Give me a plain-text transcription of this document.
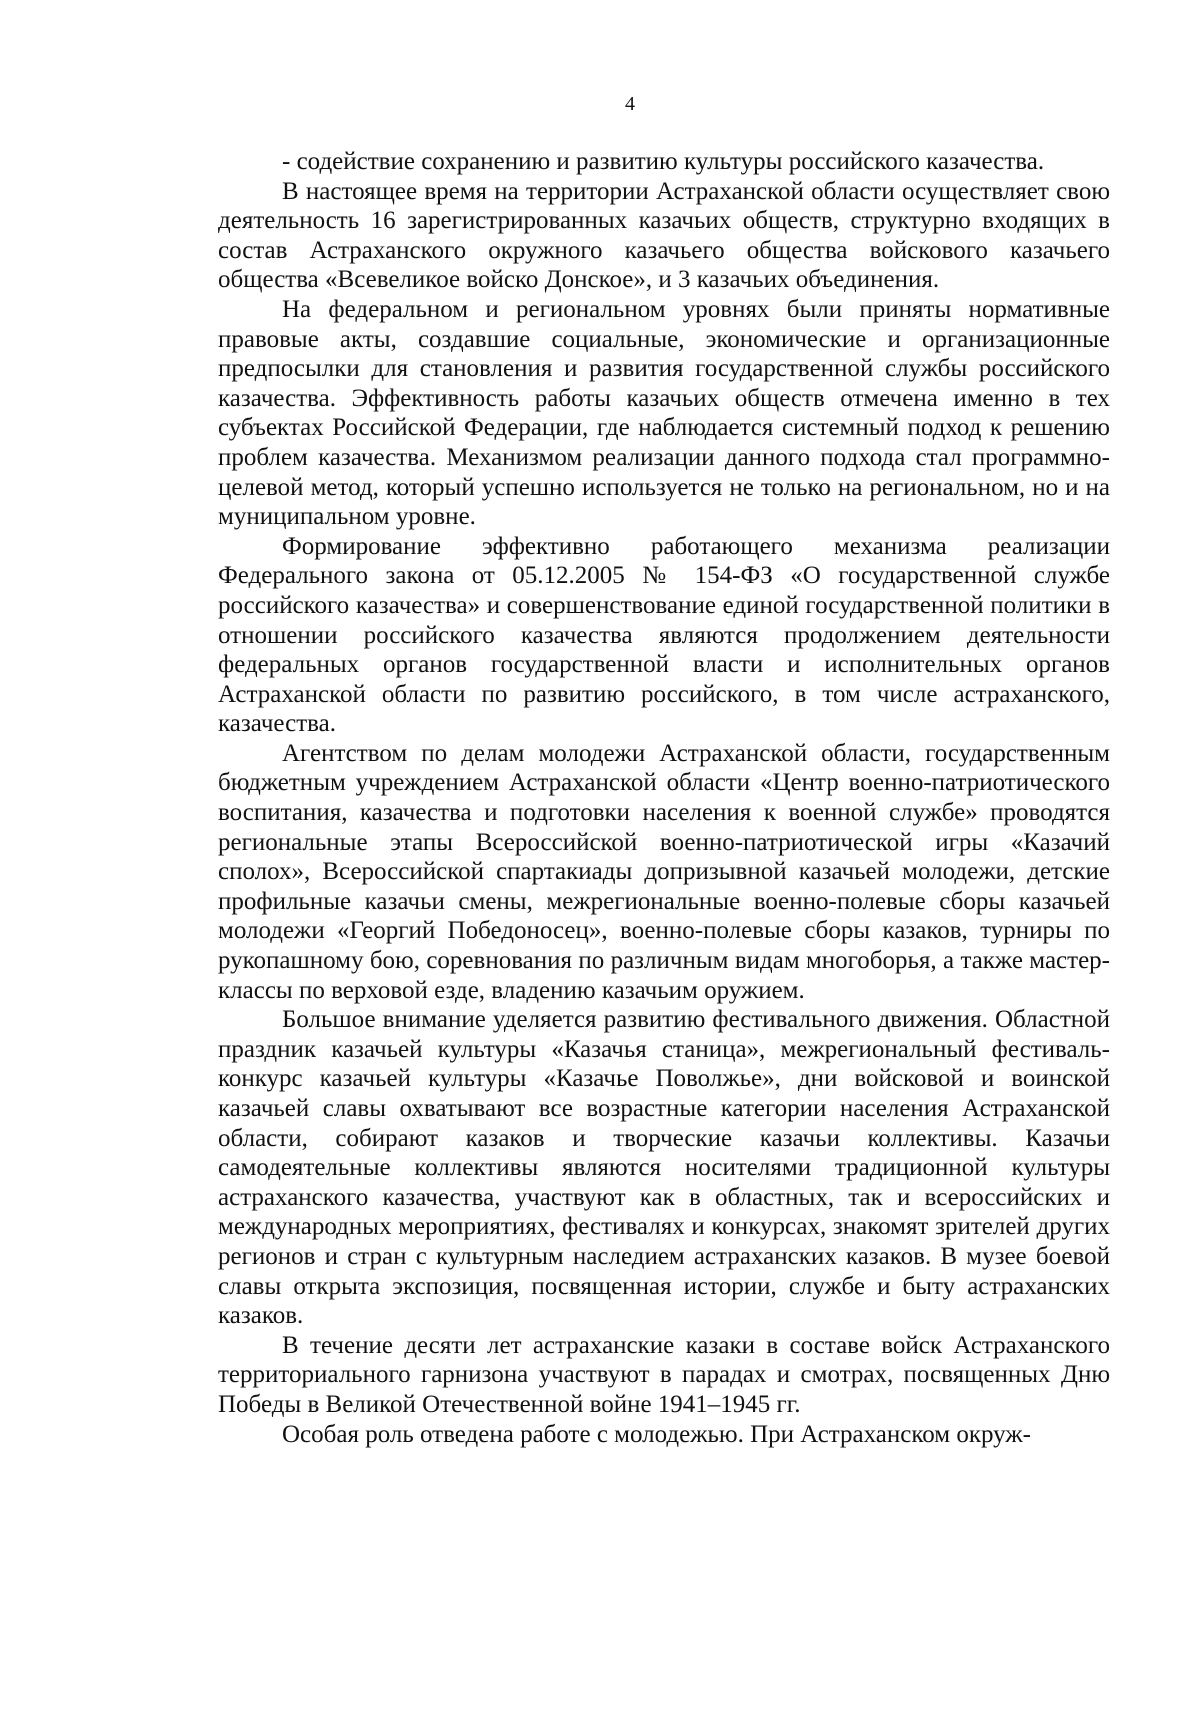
4

- содействие сохранению и развитию культуры российского казачества.

В настоящее время на территории Астраханской области осуществляет свою деятельность 16 зарегистрированных казачьих обществ, структурно входящих в состав Астраханского окружного казачьего общества войскового казачьего общества «Всевеликое войско Донское», и 3 казачьих объединения.

На федеральном и региональном уровнях были приняты нормативные правовые акты, создавшие социальные, экономические и организационные предпосылки для становления и развития государственной службы российского казачества. Эффективность работы казачьих обществ отмечена именно в тех субъектах Российской Федерации, где наблюдается системный подход к решению проблем казачества. Механизмом реализации данного подхода стал программно-целевой метод, который успешно используется не только на региональном, но и на муниципальном уровне.

Формирование эффективно работающего механизма реализации Федерального закона от 05.12.2005 № 154-ФЗ «О государственной службе российского казачества» и совершенствование единой государственной политики в отношении российского казачества являются продолжением деятельности федеральных органов государственной власти и исполнительных органов Астраханской области по развитию российского, в том числе астраханского, казачества.

Агентством по делам молодежи Астраханской области, государственным бюджетным учреждением Астраханской области «Центр военно-патриотического воспитания, казачества и подготовки населения к военной службе» проводятся региональные этапы Всероссийской военно-патриотической игры «Казачий сполох», Всероссийской спартакиады допризывной казачьей молодежи, детские профильные казачьи смены, межрегиональные военно-полевые сборы казачьей молодежи «Георгий Победоносец», военно-полевые сборы казаков, турниры по рукопашному бою, соревнования по различным видам многоборья, а также мастер-классы по верховой езде, владению казачьим оружием.

Большое внимание уделяется развитию фестивального движения. Областной праздник казачьей культуры «Казачья станица», межрегиональный фестиваль-конкурс казачьей культуры «Казачье Поволжье», дни войсковой и воинской казачьей славы охватывают все возрастные категории населения Астраханской области, собирают казаков и творческие казачьи коллективы. Казачьи самодеятельные коллективы являются носителями традиционной культуры астраханского казачества, участвуют как в областных, так и всероссийских и международных мероприятиях, фестивалях и конкурсах, знакомят зрителей других регионов и стран с культурным наследием астраханских казаков. В музее боевой славы открыта экспозиция, посвященная истории, службе и быту астраханских казаков.

В течение десяти лет астраханские казаки в составе войск Астраханского территориального гарнизона участвуют в парадах и смотрах, посвященных Дню Победы в Великой Отечественной войне 1941–1945 гг.

Особая роль отведена работе с молодежью. При Астраханском окруж-
